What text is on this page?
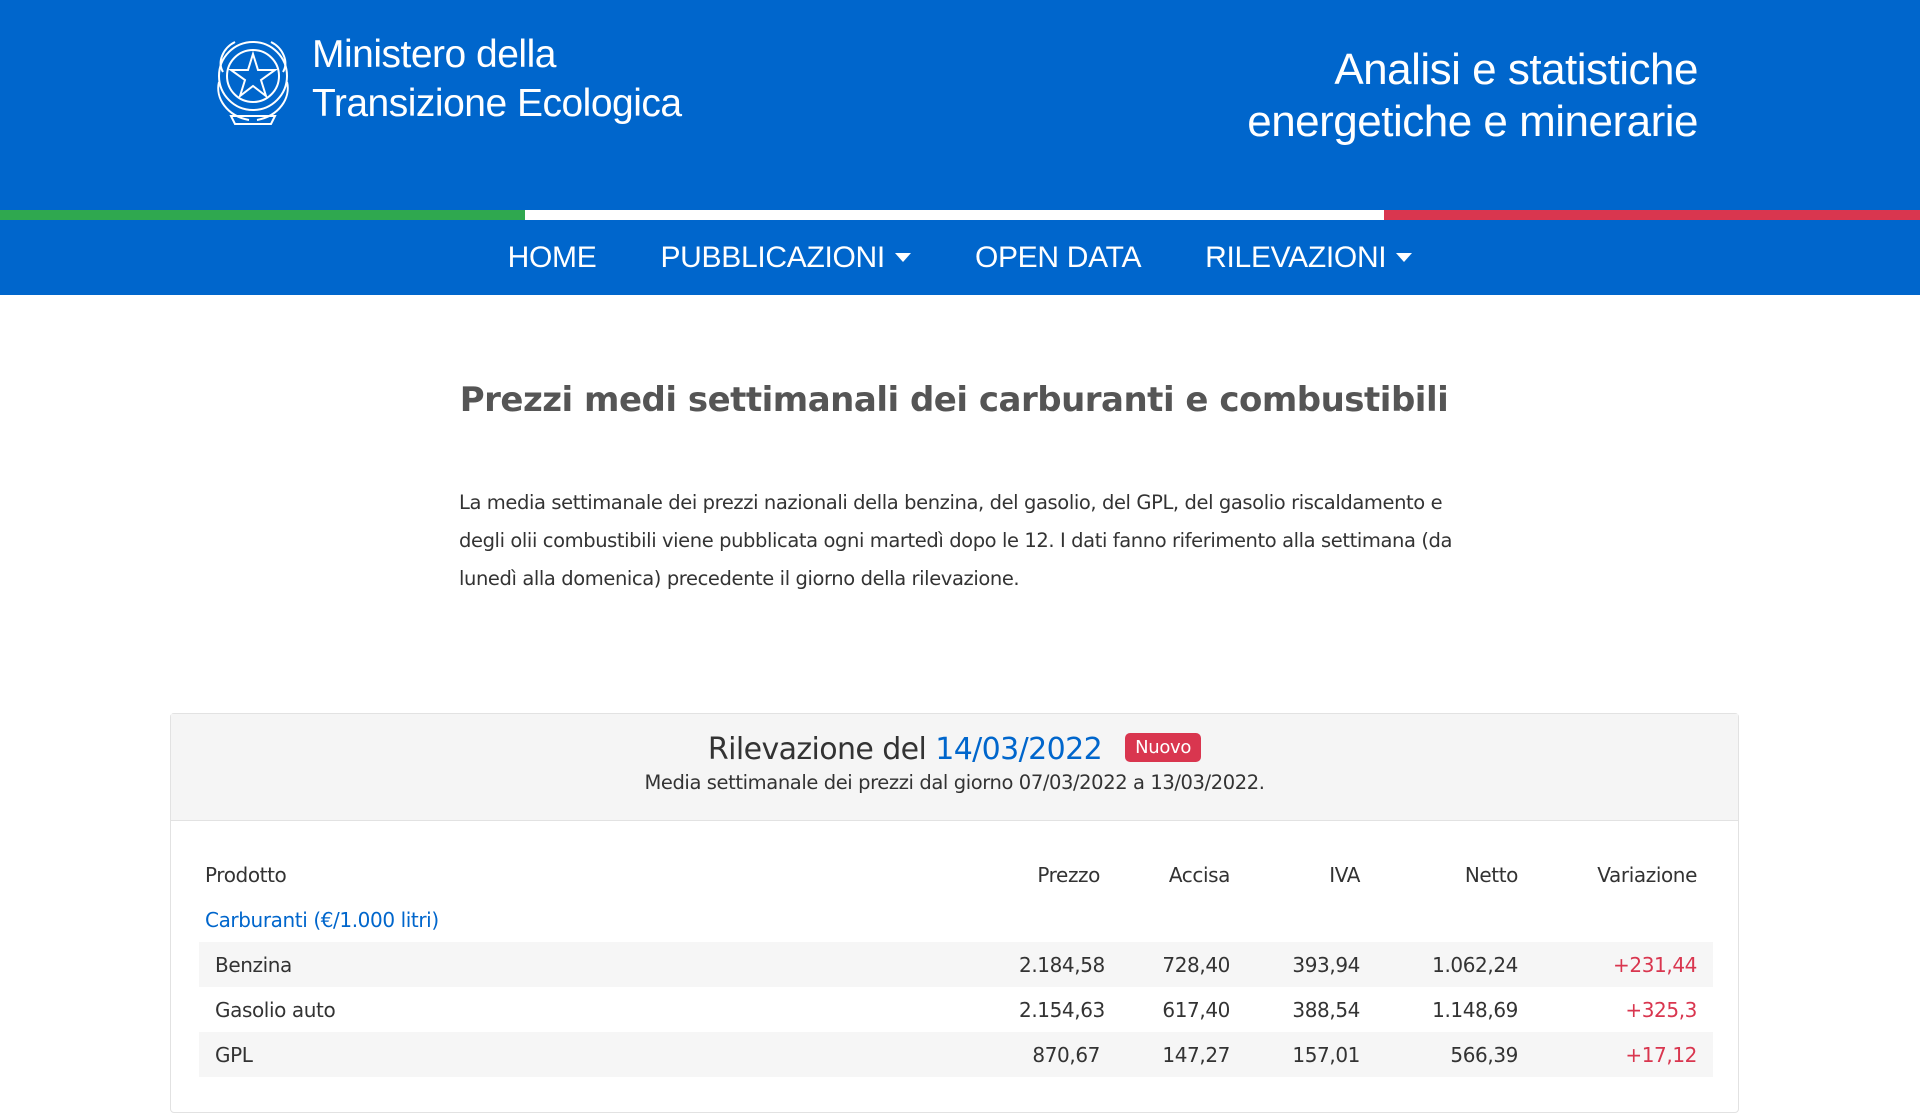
Ministero della
Transizione Ecologica
Analisi e statistiche
energetiche e minerarie
HOME PUBBLICAZIONI	OPEN DATA RILEVAZIONI
Prezzi medi settimanali dei carburanti e combustibili

La media settimanale dei prezzi nazionali della benzina, del gasolio, del GPL, del gasolio riscaldamento e degli olii combustibili viene pubblicata ogni martedì dopo le 12. I dati fanno riferimento alla settimana (da lunedì alla domenica) precedente il giorno della rilevazione.

Rilevazione del 14/03/2022 Nuovo
Media settimanale dei prezzi dal giorno 07/03/2022 a 13/03/2022.
Prodotto	Prezzo	Accisa	IVA	Netto	Variazione
Carburanti (€/1.000 litri)
Benzina	2.184,58	728,40	393,94	1.062,24	+231,44
Gasolio auto	2.154,63	617,40	388,54	1.148,69	+325,3
GPL	870,67	147,27	157,01	566,39	+17,12
